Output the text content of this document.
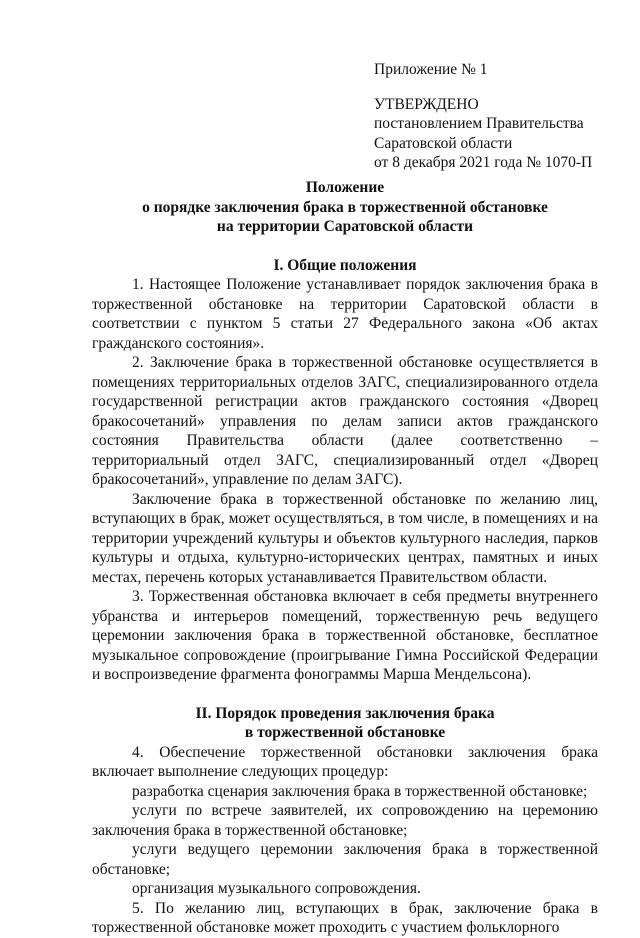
Приложение № 1
УТВЕРЖДЕНО
постановлением Правительства
Саратовской области
от 8 декабря 2021 года № 1070-П
Положение
о порядке заключения брака в торжественной обстановке
на территории Саратовской области
I. Общие положения

1. Настоящее Положение устанавливает порядок заключения брака в торжественной обстановке на территории Саратовской области в соответствии с пунктом 5 статьи 27 Федерального закона «Об актах гражданского состояния».

2. Заключение брака в торжественной обстановке осуществляется в помещениях территориальных отделов ЗАГС, специализированного отдела государственной регистрации актов гражданского состояния «Дворец бракосочетаний» управления по делам записи актов гражданского состояния Правительства области (далее соответственно – территориальный отдел ЗАГС, специализированный отдел «Дворец бракосочетаний», управление по делам ЗАГС).

Заключение брака в торжественной обстановке по желанию лиц, вступающих в брак, может осуществляться, в том числе, в помещениях и на территории учреждений культуры и объектов культурного наследия, парков культуры и отдыха, культурно-исторических центрах, памятных и иных местах, перечень которых устанавливается Правительством области.

3. Торжественная обстановка включает в себя предметы внутреннего убранства и интерьеров помещений, торжественную речь ведущего церемонии заключения брака в торжественной обстановке, бесплатное музыкальное сопровождение (проигрывание Гимна Российской Федерации и воспроизведение фрагмента фонограммы Марша Мендельсона).

II. Порядок проведения заключения брака
в торжественной обстановке

4. Обеспечение торжественной обстановки заключения брака включает выполнение следующих процедур:

разработка сценария заключения брака в торжественной обстановке;

услуги по встрече заявителей, их сопровождению на церемонию заключения брака в торжественной обстановке;

услуги ведущего церемонии заключения брака в торжественной обстановке;

организация музыкального сопровождения.

5. По желанию лиц, вступающих в брак, заключение брака в торжественной обстановке может проходить с участием фольклорного
